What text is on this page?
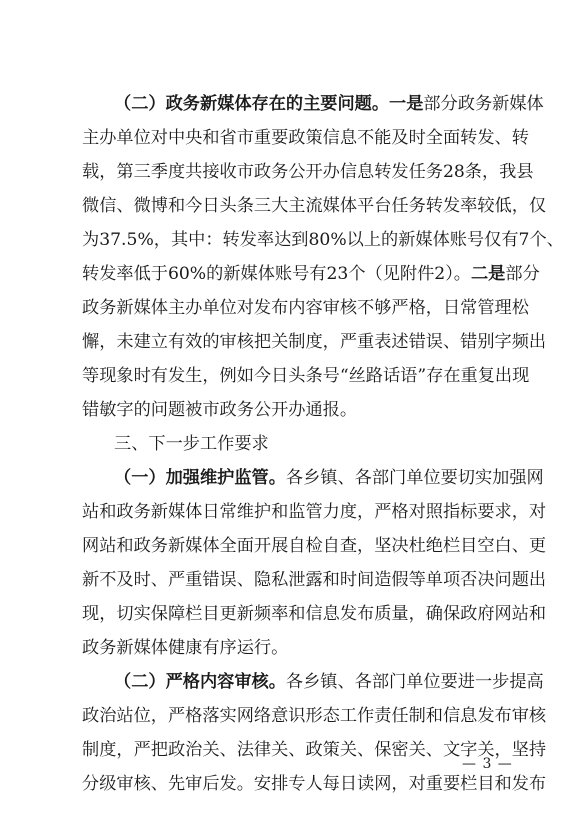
（二）政务新媒体存在的主要问题。一是部分政务新媒体
主办单位对中央和省市重要政策信息不能及时全面转发、转
载，第三季度共接收市政务公开办信息转发任务28条，我县
微信、微博和今日头条三大主流媒体平台任务转发率较低，仅
为37.5%，其中：转发率达到80%以上的新媒体账号仅有7个、
转发率低于60%的新媒体账号有23个（见附件2）。二是部分
政务新媒体主办单位对发布内容审核不够严格，日常管理松
懈，未建立有效的审核把关制度，严重表述错误、错别字频出
等现象时有发生，例如今日头条号“丝路话语”存在重复出现
错敏字的问题被市政务公开办通报。
三、下一步工作要求
（一）加强维护监管。各乡镇、各部门单位要切实加强网
站和政务新媒体日常维护和监管力度，严格对照指标要求，对
网站和政务新媒体全面开展自检自查，坚决杜绝栏目空白、更
新不及时、严重错误、隐私泄露和时间造假等单项否决问题出
现，切实保障栏目更新频率和信息发布质量，确保政府网站和
政务新媒体健康有序运行。
（二）严格内容审核。各乡镇、各部门单位要进一步提高
政治站位，严格落实网络意识形态工作责任制和信息发布审核
制度，严把政治关、法律关、政策关、保密关、文字关，坚持
分级审核、先审后发。安排专人每日读网，对重要栏目和发布
— 3 —
